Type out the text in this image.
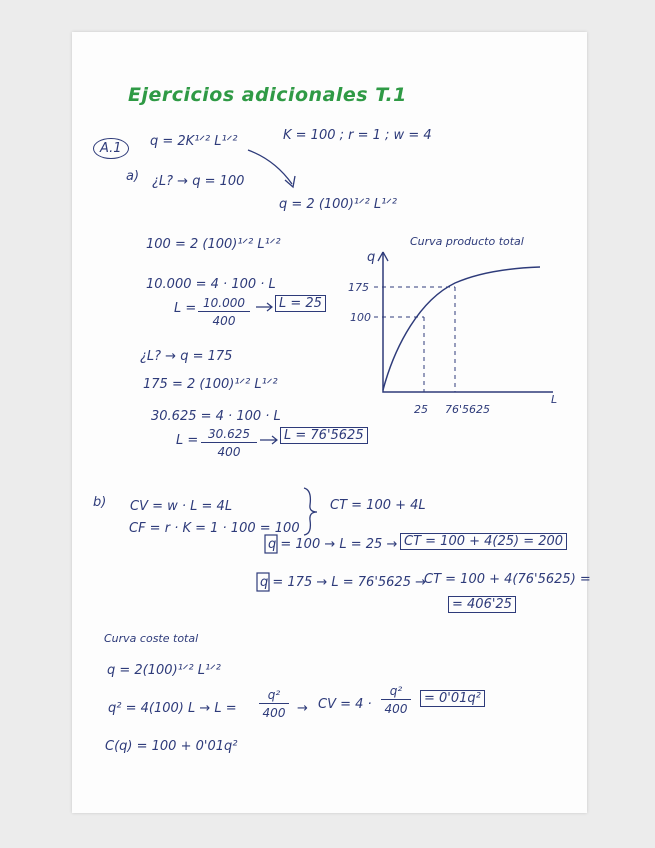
Ejercicios adicionales T.1
A.1	q = 2K¹ᐟ² L¹ᐟ²	K = 100 ; r = 1 ; w = 4
a) ¿L? → q = 100
q = 2 (100)¹ᐟ² L¹ᐟ²
100 = 2 (100)¹ᐟ² L¹ᐟ²
10.000 = 4 · 100 · L
$L = \frac{10.000}{400}$	L = 25
¿L? → q = 175
175 = 2 (100)¹ᐟ² L¹ᐟ²
30.625 = 4 · 100 · L
$L = \frac{30.625}{400}$	L = 76'5625
Curva producto total
q
L
175
100
25 76'5625
b) CV = w · L = 4L
CF = r · K = 1 · 100 = 100
CT = 100 + 4L
q = 100 → L = 25 → CT = 100 + 4(25) = 200
q = 175 → L = 76'5625 →
CT = 100 + 4(76'5625) =
= 406'25
Curva coste total
q = 2(100)¹ᐟ² L¹ᐟ²
q² = 4(100) $L \to L = \frac{\text{q²}}{400}$ → CV = $4 \cdot \frac{\text{q²}}{400}$	= 0'01q²
C(q) = 100 + 0'01q²
